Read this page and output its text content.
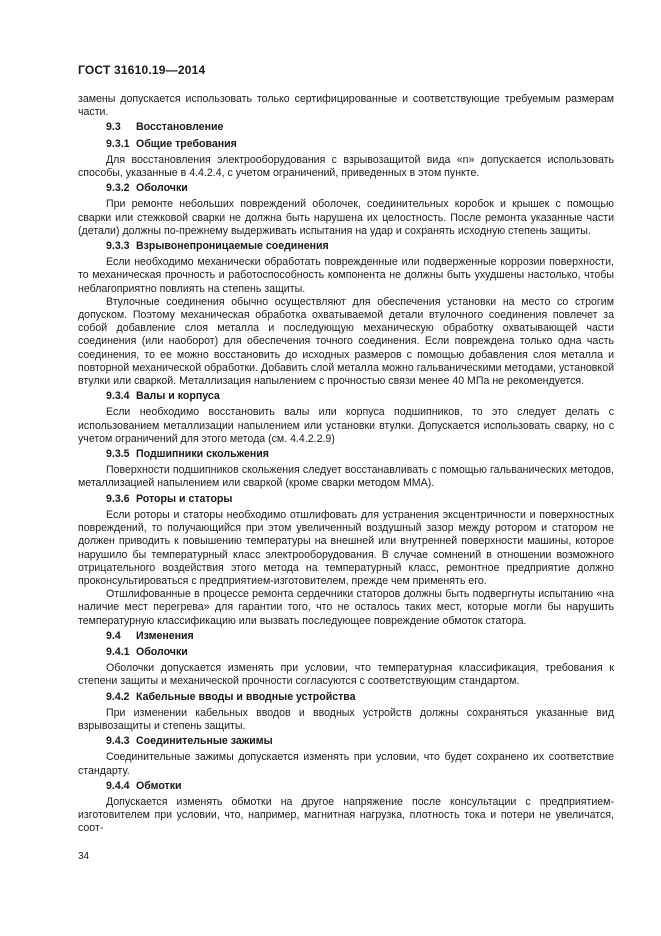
ГОСТ 31610.19—2014

замены допускается использовать только сертифицированные и соответствующие требуемым размерам части.

9.3 Восстановление
9.3.1 Общие требования

Для восстановления электрооборудования с взрывозащитой вида «n» допускается использовать способы, указанные в 4.4.2.4, с учетом ограничений, приведенных в этом пункте.

9.3.2 Оболочки

При ремонте небольших повреждений оболочек, соединительных коробок и крышек с помощью сварки или стежковой сварки не должна быть нарушена их целостность. После ремонта указанные части (детали) должны по-прежнему выдерживать испытания на удар и сохранять исходную степень защиты.

9.3.3 Взрывонепроницаемые соединения

Если необходимо механически обработать поврежденные или подверженные коррозии поверхности, то механическая прочность и работоспособность компонента не должны быть ухудшены настолько, чтобы неблагоприятно повлиять на степень защиты.

Втулочные соединения обычно осуществляют для обеспечения установки на место со строгим допуском. Поэтому механическая обработка охватываемой детали втулочного соединения повлечет за собой добавление слоя металла и последующую механическую обработку охватывающей части соединения (или наоборот) для обеспечения точного соединения. Если повреждена только одна часть соединения, то ее можно восстановить до исходных размеров с помощью добавления слоя металла и повторной механической обработки. Добавить слой металла можно гальваническими методами, установкой втулки или сваркой. Металлизация напылением с прочностью связи менее 40 МПа не рекомендуется.

9.3.4 Валы и корпуса

Если необходимо восстановить валы или корпуса подшипников, то это следует делать с использованием металлизации напылением или установки втулки. Допускается использовать сварку, но с учетом ограничений для этого метода (см. 4.4.2.2.9)

9.3.5 Подшипники скольжения

Поверхности подшипников скольжения следует восстанавливать с помощью гальванических методов, металлизацией напылением или сваркой (кроме сварки методом ММА).

9.3.6 Роторы и статоры

Если роторы и статоры необходимо отшлифовать для устранения эксцентричности и поверхностных повреждений, то получающийся при этом увеличенный воздушный зазор между ротором и статором не должен приводить к повышению температуры на внешней или внутренней поверхности машины, которое нарушило бы температурный класс электрооборудования. В случае сомнений в отношении возможного отрицательного воздействия этого метода на температурный класс, ремонтное предприятие должно проконсультироваться с предприятием-изготовителем, прежде чем применять его.

Отшлифованные в процессе ремонта сердечники статоров должны быть подвергнуты испытанию «на наличие мест перегрева» для гарантии того, что не осталось таких мест, которые могли бы нарушить температурную классификацию или вызвать последующее повреждение обмоток статора.

9.4 Изменения
9.4.1 Оболочки

Оболочки допускается изменять при условии, что температурная классификация, требования к степени защиты и механической прочности согласуются с соответствующим стандартом.

9.4.2 Кабельные вводы и вводные устройства

При изменении кабельных вводов и вводных устройств должны сохраняться указанные вид взрывозащиты и степень защиты.

9.4.3 Соединительные зажимы

Соединительные зажимы допускается изменять при условии, что будет сохранено их соответствие стандарту.

9.4.4 Обмотки

Допускается изменять обмотки на другое напряжение после консультации с предприятием-изготовителем при условии, что, например, магнитная нагрузка, плотность тока и потери не увеличатся, соот-

34
